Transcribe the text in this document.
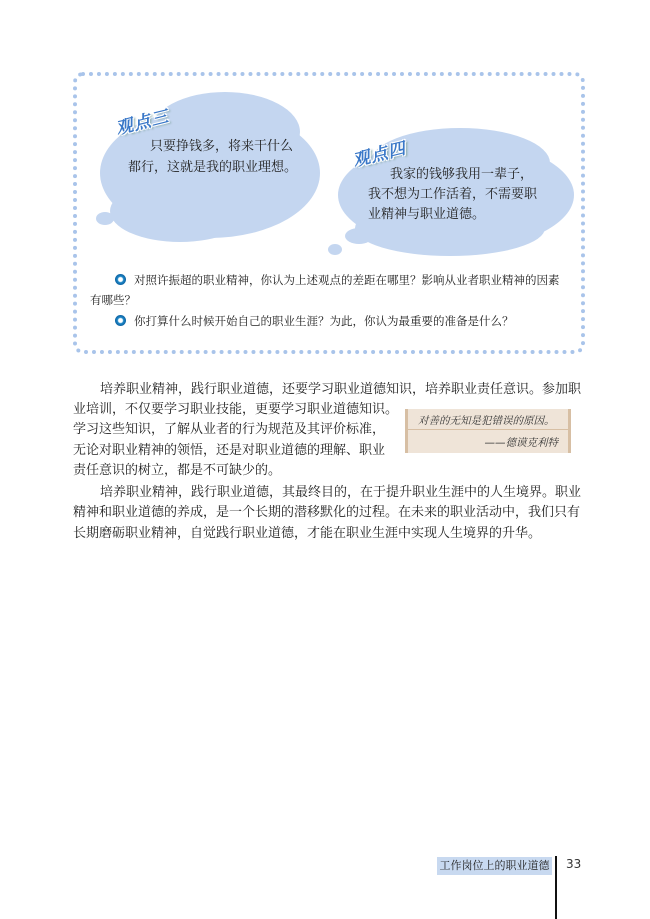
观点三
只要挣钱多，将来干什么
都行，这就是我的职业理想。	观点四
我家的钱够我用一辈子，
我不想为工作活着，不需要职
业精神与职业道德。
对照许振超的职业精神，你认为上述观点的差距在哪里？影响从业者职业精神的因素
有哪些？
你打算什么时候开始自己的职业生涯？为此，你认为最重要的准备是什么？
培养职业精神，践行职业道德，还要学习职业道德知识，培养职业责任意识。参加职
业培训，不仅要学习职业技能，更要学习职业道德知识。
学习这些知识，了解从业者的行为规范及其评价标准，
无论对职业精神的领悟，还是对职业道德的理解、职业
责任意识的树立，都是不可缺少的。
对善的无知是犯错误的原因。
——德谟克利特
培养职业精神，践行职业道德，其最终目的，在于提升职业生涯中的人生境界。职业
精神和职业道德的养成，是一个长期的潜移默化的过程。在未来的职业活动中，我们只有
长期磨砺职业精神，自觉践行职业道德，才能在职业生涯中实现人生境界的升华。
工作岗位上的职业道德 33
